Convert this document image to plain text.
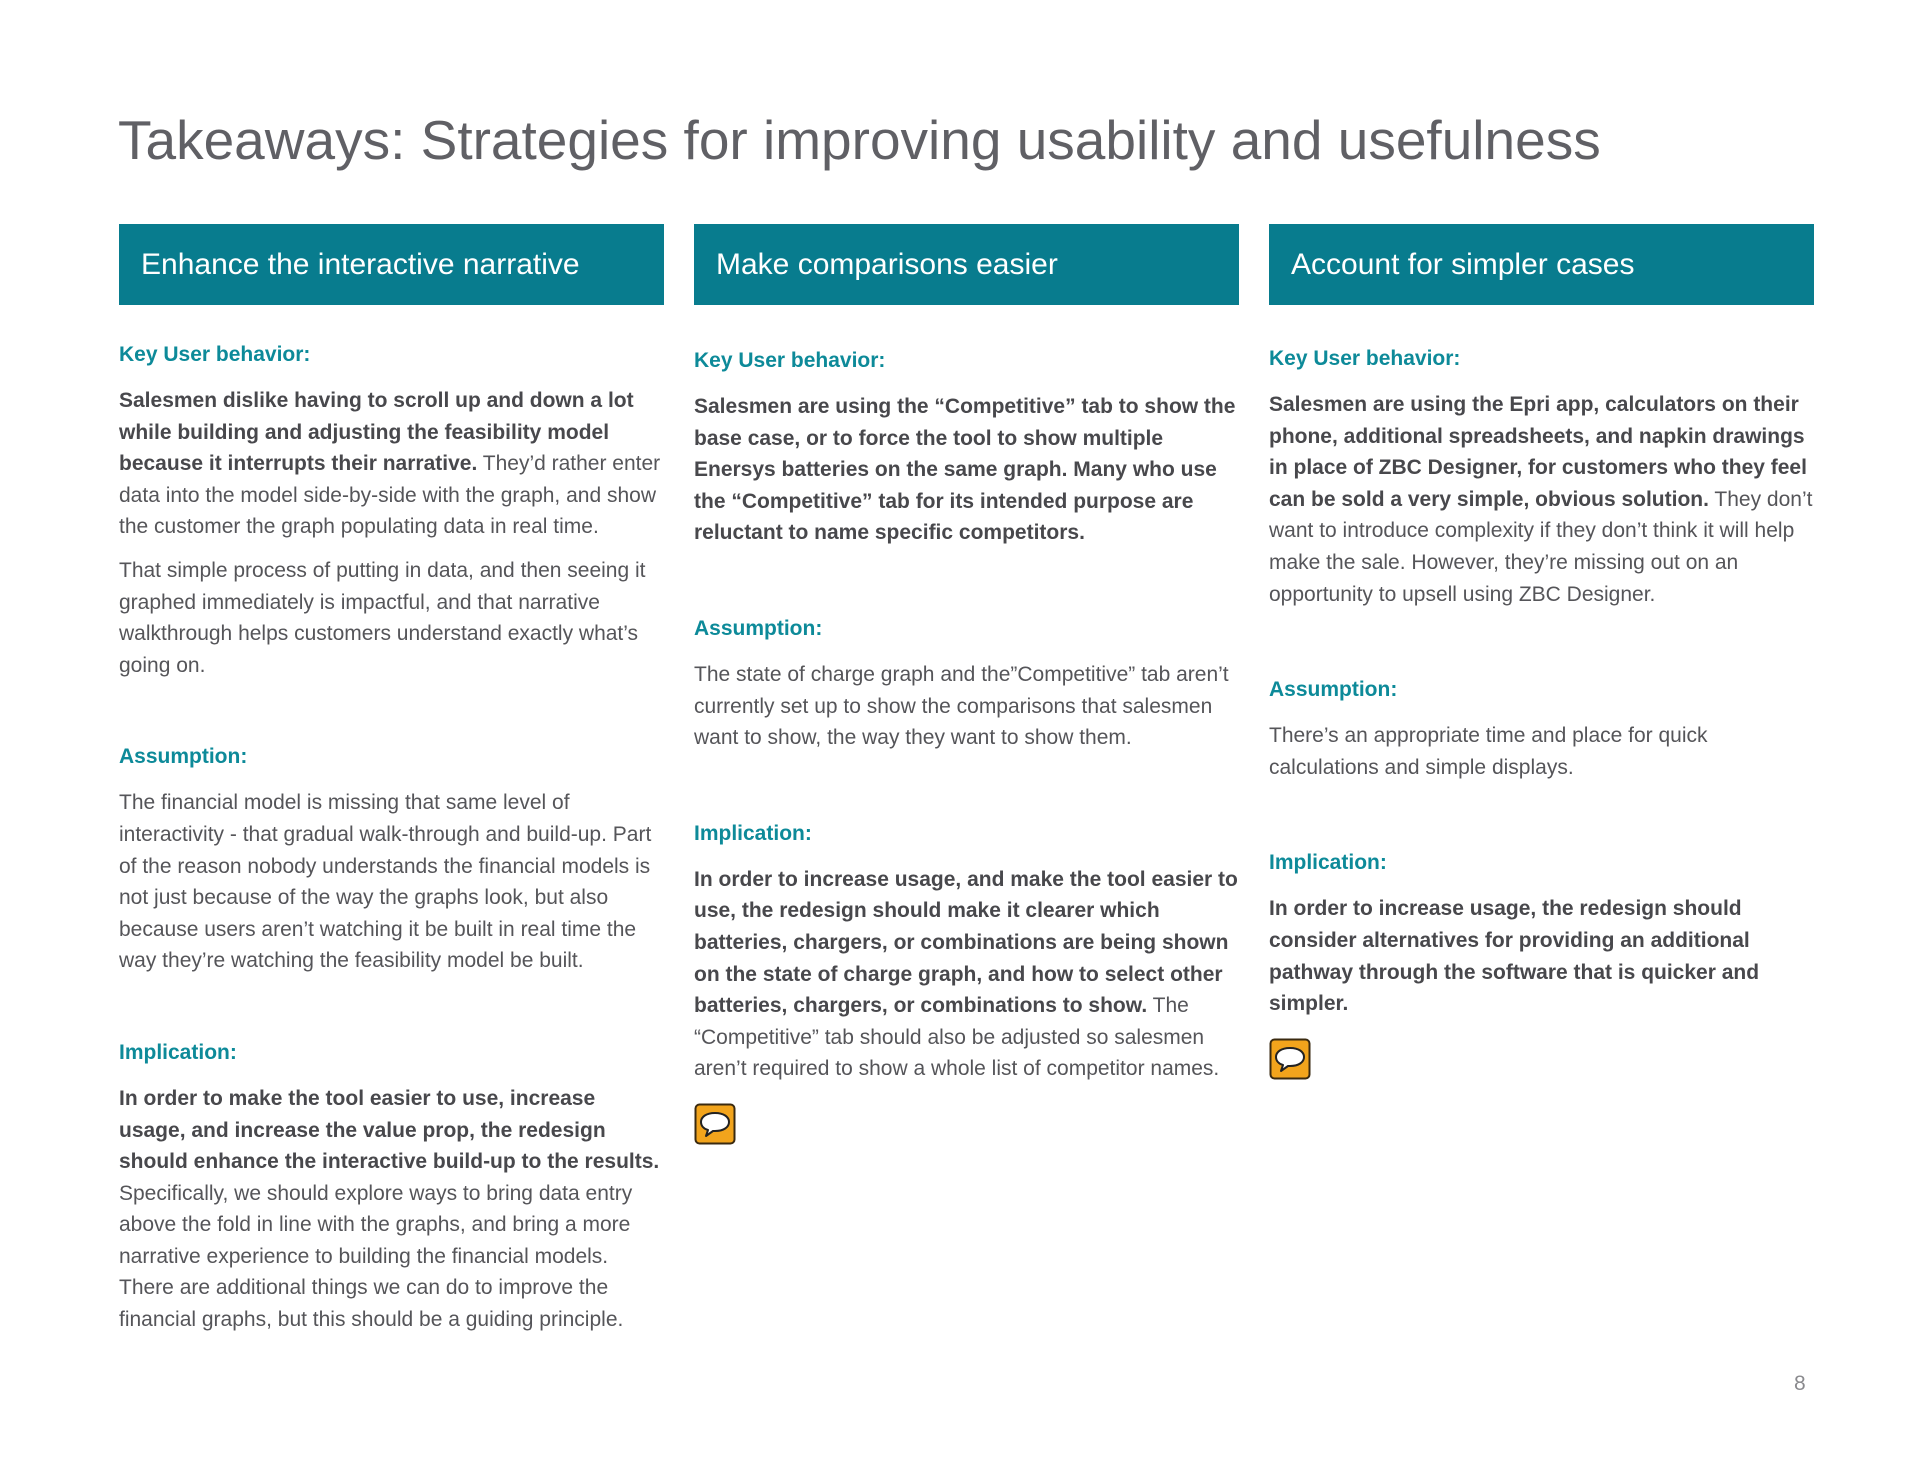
Takeaways: Strategies for improving usability and usefulness
Enhance the interactive narrative

Key User behavior:

Salesmen dislike having to scroll up and down a lot while building and adjusting the feasibility model because it interrupts their narrative. They’d rather enter data into the model side-by-side with the graph, and show the customer the graph populating data in real time.

That simple process of putting in data, and then seeing it graphed immediately is impactful, and that narrative walkthrough helps customers understand exactly what’s going on.

Assumption:

The financial model is missing that same level of interactivity - that gradual walk-through and build-up. Part of the reason nobody understands the financial models is not just because of the way the graphs look, but also because users aren’t watching it be built in real time the way they’re watching the feasibility model be built.

Implication:

In order to make the tool easier to use, increase usage, and increase the value prop, the redesign should enhance the interactive build-up to the results. Specifically, we should explore ways to bring data entry above the fold in line with the graphs, and bring a more narrative experience to building the financial models. There are additional things we can do to improve the financial graphs, but this should be a guiding principle.

Make comparisons easier

Key User behavior:

Salesmen are using the “Competitive” tab to show the base case, or to force the tool to show multiple Enersys batteries on the same graph. Many who use the “Competitive” tab for its intended purpose are reluctant to name specific competitors.

Assumption:

The state of charge graph and the”Competitive” tab aren’t currently set up to show the comparisons that salesmen want to show, the way they want to show them.

Implication:

In order to increase usage, and make the tool easier to use, the redesign should make it clearer which batteries, chargers, or combinations are being shown on the state of charge graph, and how to select other batteries, chargers, or combinations to show. The “Competitive” tab should also be adjusted so salesmen aren’t required to show a whole list of competitor names.

Account for simpler cases

Key User behavior:

Salesmen are using the Epri app, calculators on their phone, additional spreadsheets, and napkin drawings in place of ZBC Designer, for customers who they feel can be sold a very simple, obvious solution. They don’t want to introduce complexity if they don’t think it will help make the sale. However, they’re missing out on an opportunity to upsell using ZBC Designer.

Assumption:

There’s an appropriate time and place for quick calculations and simple displays.

Implication:

In order to increase usage, the redesign should consider alternatives for providing an additional pathway through the software that is quicker and simpler.

8
